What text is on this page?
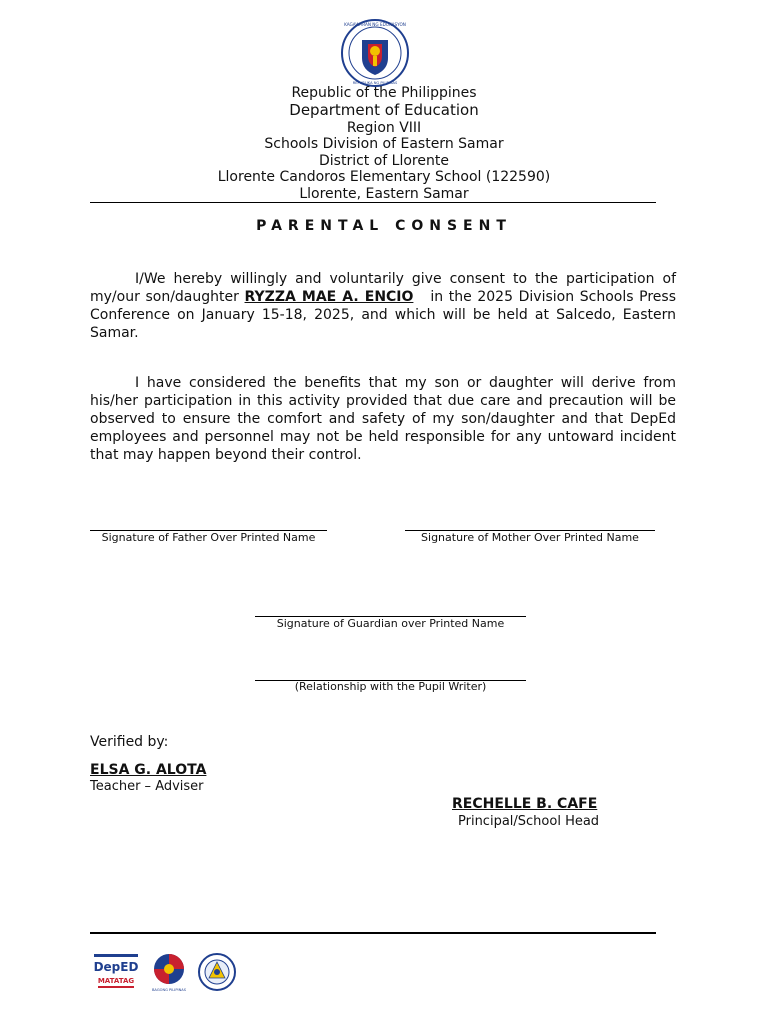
KAGAWARAN NG EDUKASYON
REPUBLIKA NG PILIPINAS
Republic of the Philippines
Department of Education
Region VIII
Schools Division of Eastern Samar
District of Llorente
Llorente Candoros Elementary School (122590)
Llorente, Eastern Samar
PARENTAL CONSENT
I/We hereby willingly and voluntarily give consent to the participation of my/our son/daughter RYZZA MAE A. ENCIO   in the 2025 Division Schools Press Conference on January 15-18, 2025, and which will be held at Salcedo, Eastern Samar.
I have considered the benefits that my son or daughter will derive from his/her participation in this activity provided that due care and precaution will be observed to ensure the comfort and safety of my son/daughter and that DepEd employees and personnel may not be held responsible for any untoward incident that may happen beyond their control.
Signature of Father Over Printed Name	Signature of Mother Over Printed Name
Signature of Guardian over Printed Name
(Relationship with the Pupil Writer)
Verified by:
ELSA G. ALOTA
Teacher – Adviser
RECHELLE B. CAFE
Principal/School Head
DepED
MATATAG
BAGONG PILIPINAS
